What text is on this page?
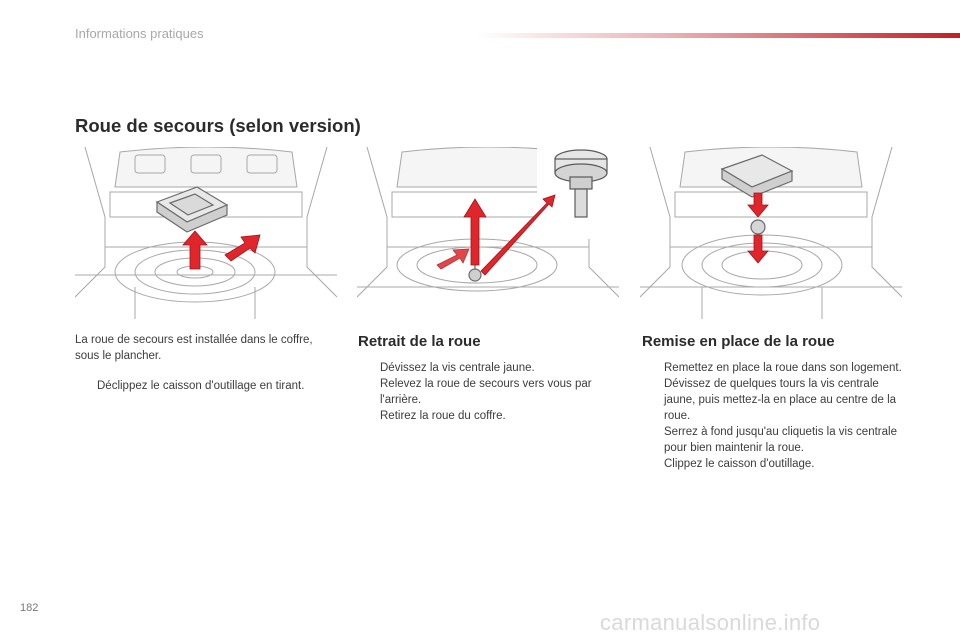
Informations pratiques
Roue de secours (selon version)

La roue de secours est installée dans le coffre, sous le plancher.

Déclippez le caisson d'outillage en tirant.
Retrait de la roue
Dévissez la vis centrale jaune.
Relevez la roue de secours vers vous par l'arrière.
Retirez la roue du coffre.
Remise en place de la roue
Remettez en place la roue dans son logement.
Dévissez de quelques tours la vis centrale jaune, puis mettez-la en place au centre de la roue.
Serrez à fond jusqu'au cliquetis la vis centrale pour bien maintenir la roue.
Clippez le caisson d'outillage.
182
carmanualsonline.info
